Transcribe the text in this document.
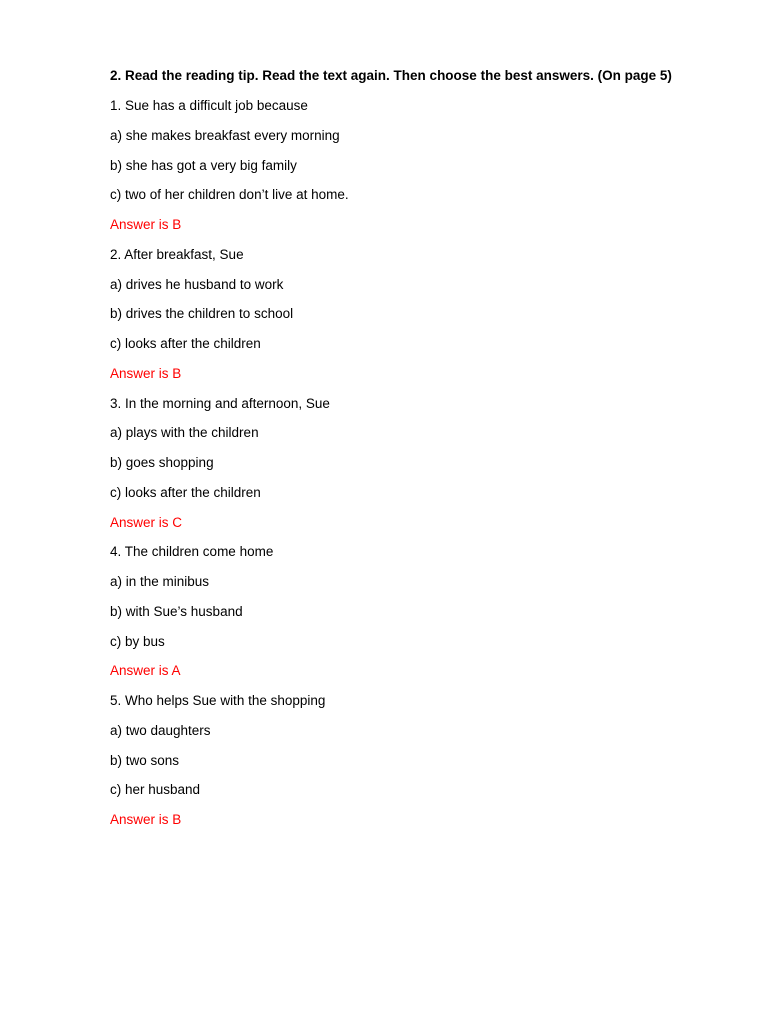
2. Read the reading tip. Read the text again. Then choose the best answers. (On page 5)
1. Sue has a difficult job because
a) she makes breakfast every morning
b) she has got a very big family
c) two of her children don’t live at home.
Answer is B
2. After breakfast, Sue
a) drives he husband to work
b) drives the children to school
c) looks after the children
Answer is B
3. In the morning and afternoon, Sue
a) plays with the children
b) goes shopping
c) looks after the children
Answer is C
4. The children come home
a) in the minibus
b) with Sue’s husband
c) by bus
Answer is A
5. Who helps Sue with the shopping
a) two daughters
b) two sons
c) her husband
Answer is B
